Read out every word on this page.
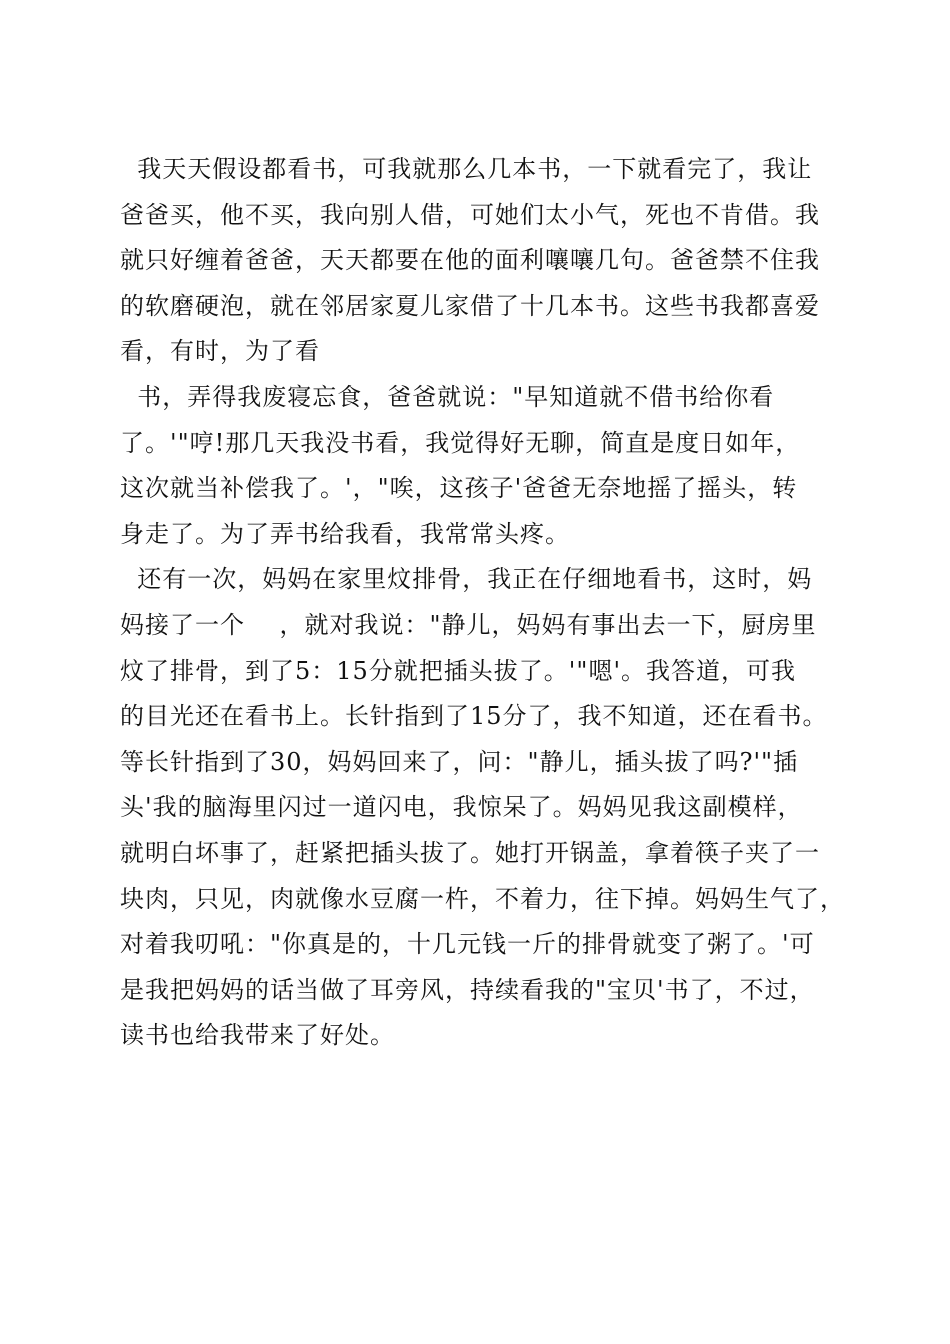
我天天假设都看书，可我就那么几本书，一下就看完了，我让
爸爸买，他不买，我向别人借，可她们太小气，死也不肯借。我
就只好缠着爸爸，天天都要在他的面利嚷嚷几句。爸爸禁不住我
的软磨硬泡，就在邻居家夏儿家借了十几本书。这些书我都喜爱
看，有时，为了看
书，弄得我废寝忘食，爸爸就说："早知道就不借书给你看
了。'"哼!那几天我没书看，我觉得好无聊，简直是度日如年，
这次就当补偿我了。'，"唉，这孩子'爸爸无奈地摇了摇头，转
身走了。为了弄书给我看，我常常头疼。
还有一次，妈妈在家里炆排骨，我正在仔细地看书，这时，妈
妈接了一个    ，就对我说："静儿，妈妈有事出去一下，厨房里
炆了排骨，到了5：15分就把插头拔了。'"嗯'。我答道，可我
的目光还在看书上。长针指到了15分了，我不知道，还在看书。
等长针指到了30，妈妈回来了，问："静儿，插头拔了吗?'"插
头'我的脑海里闪过一道闪电，我惊呆了。妈妈见我这副模样，
就明白坏事了，赶紧把插头拔了。她打开锅盖，拿着筷子夹了一
块肉，只见，肉就像水豆腐一杵，不着力，往下掉。妈妈生气了，
对着我叨吼："你真是的，十几元钱一斤的排骨就变了粥了。'可
是我把妈妈的话当做了耳旁风，持续看我的"宝贝'书了，不过，
读书也给我带来了好处。
